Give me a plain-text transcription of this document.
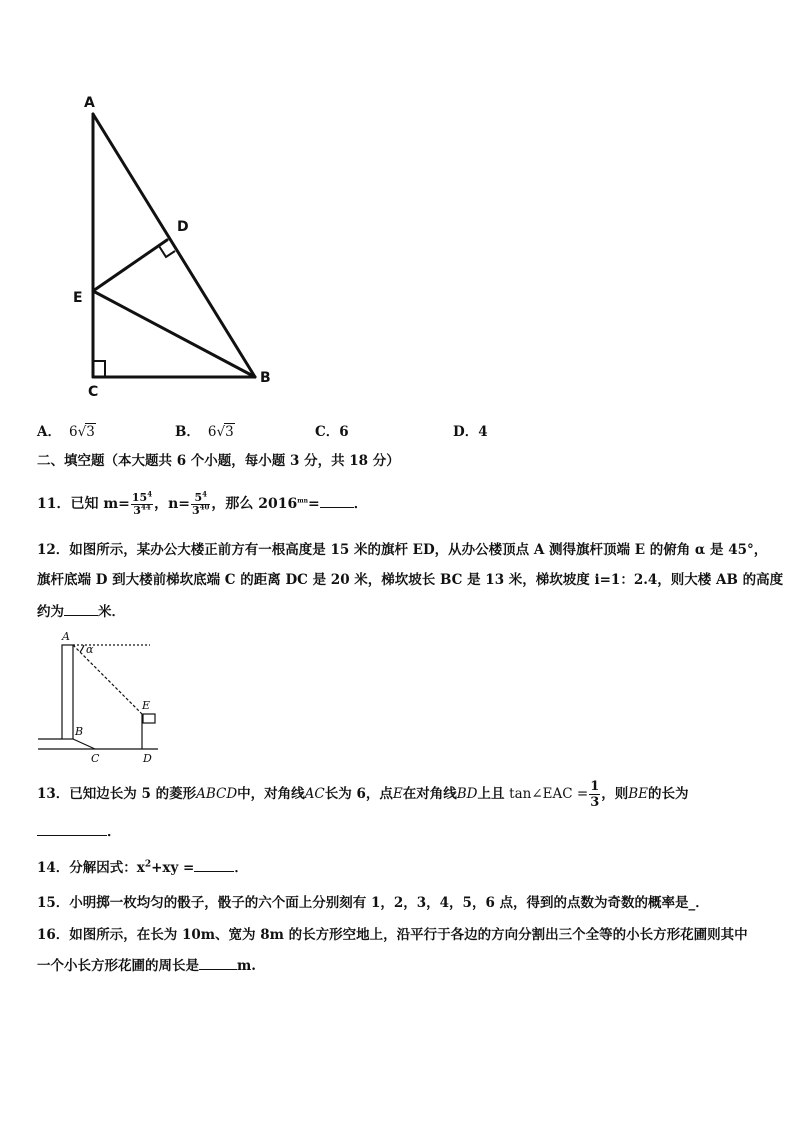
A
D
E
C
B
A． 6√3	B． 6√3	C．6	D．4
二、填空题（本大题共 6 个小题，每小题 3 分，共 18 分）
11．已知 $m= \frac{15^4}{3^{44}}$ ，$n= \frac{5^4}{3^{40}}$ ，那么 $2016^{mn}=$ ．
12．如图所示，某办公大楼正前方有一根高度是 15 米的旗杆 ED，从办公楼顶点 A 测得旗杆顶端 E 的俯角 α 是 45°，
旗杆底端 D 到大楼前梯坎底端 C 的距离 DC 是 20 米，梯坎坡长 BC 是 13 米，梯坎坡度 i=1：2.4，则大楼 AB 的高度
约为	米．
A
α
E
B
C	D
13．已知边长为 5 的菱形ABCD中，对角线AC长为 6，点E在对角线BD上且 tan∠EAC = $\frac{1}{3}$ ，则BE的长为
．
14．分解因式：$x^2+xy$ =	．
15．小明掷一枚均匀的骰子，骰子的六个面上分别刻有 1，2，3，4，5，6 点，得到的点数为奇数的概率是_．
16．如图所示，在长为 10m、宽为 8m 的长方形空地上，沿平行于各边的方向分割出三个全等的小长方形花圃则其中
一个小长方形花圃的周长是	m.
